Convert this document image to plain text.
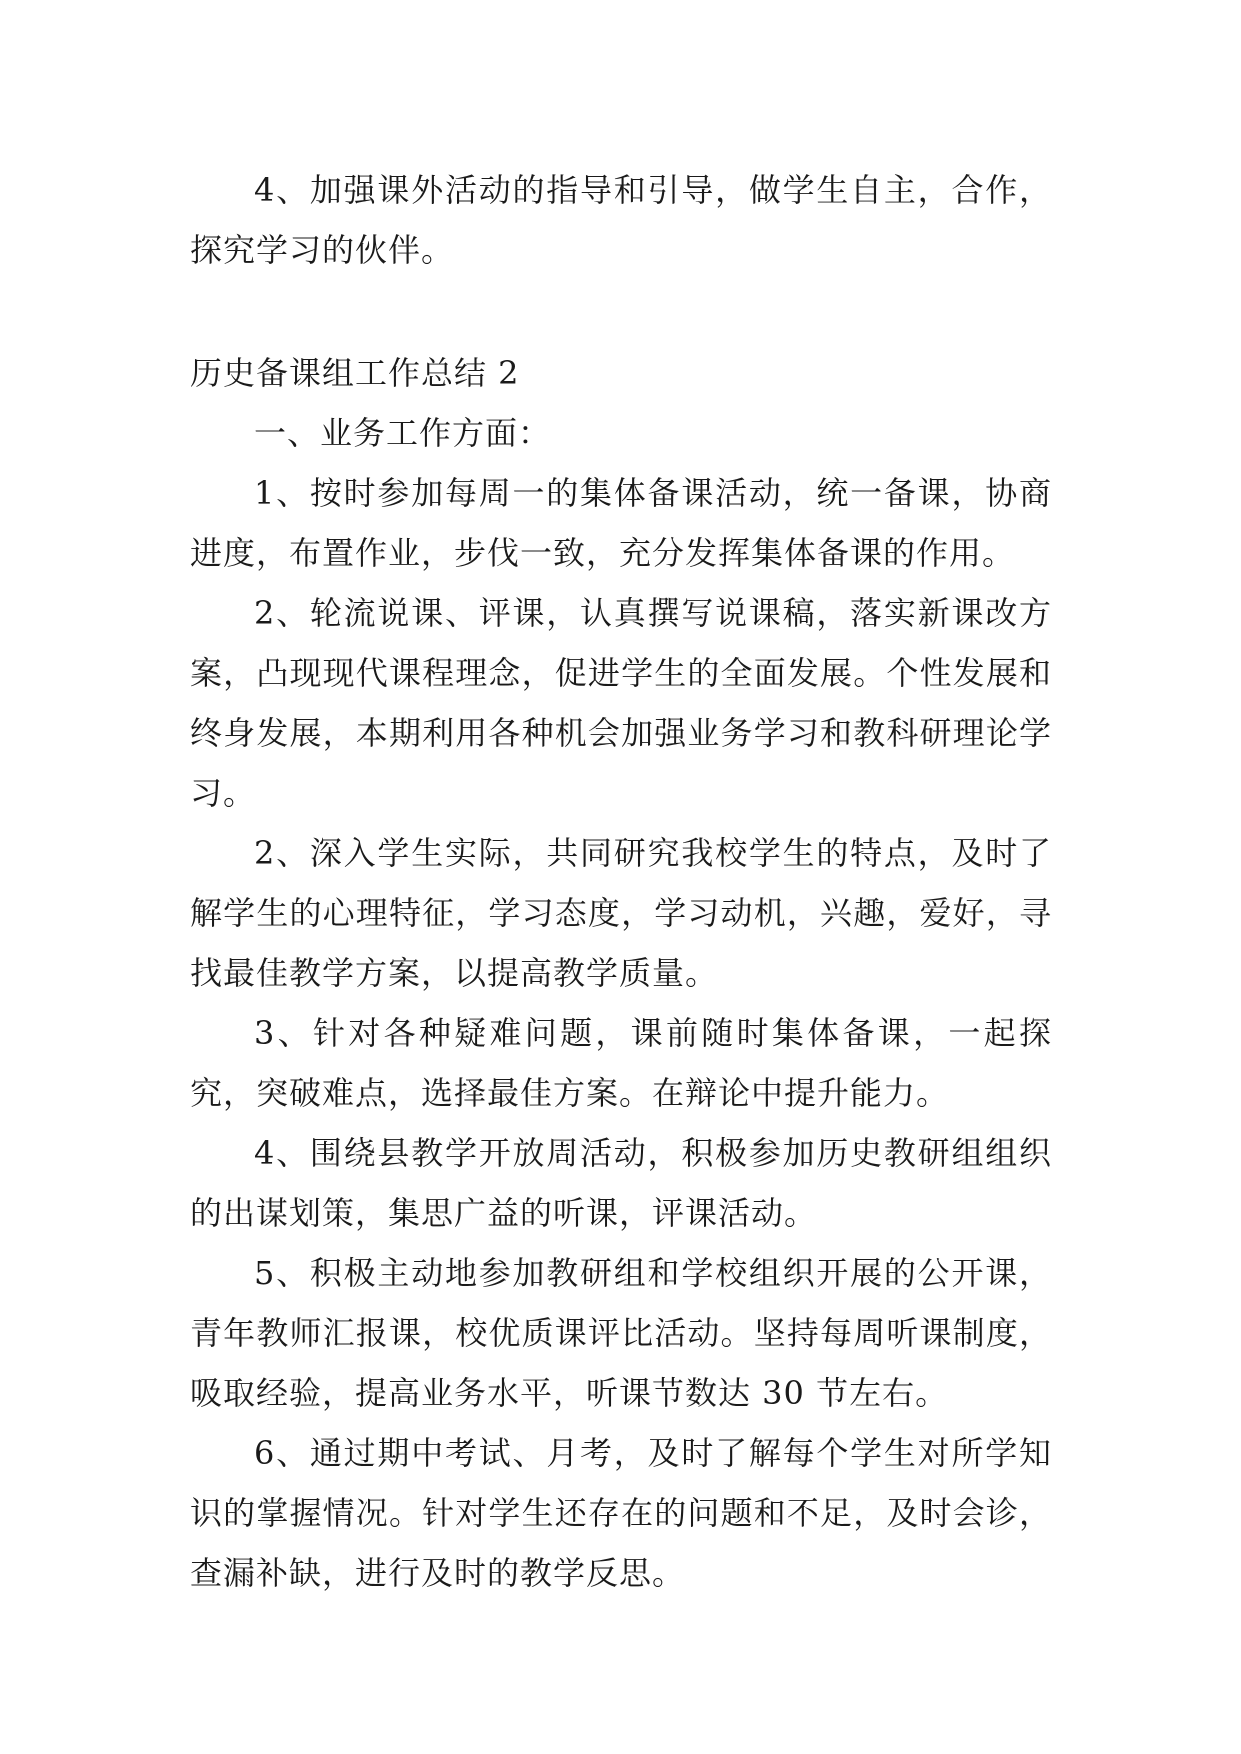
4、加强课外活动的指导和引导，做学生自主，合作，探究学习的伙伴。

历史备课组工作总结 2

一、业务工作方面：

1、按时参加每周一的集体备课活动，统一备课，协商进度，布置作业，步伐一致，充分发挥集体备课的作用。

2、轮流说课、评课，认真撰写说课稿，落实新课改方案，凸现现代课程理念，促进学生的全面发展。个性发展和终身发展，本期利用各种机会加强业务学习和教科研理论学习。

2、深入学生实际，共同研究我校学生的特点，及时了解学生的心理特征，学习态度，学习动机，兴趣，爱好，寻找最佳教学方案，以提高教学质量。

3、针对各种疑难问题，课前随时集体备课，一起探究，突破难点，选择最佳方案。在辩论中提升能力。

4、围绕县教学开放周活动，积极参加历史教研组组织的出谋划策，集思广益的听课，评课活动。

5、积极主动地参加教研组和学校组织开展的公开课，青年教师汇报课，校优质课评比活动。坚持每周听课制度，吸取经验，提高业务水平，听课节数达 30 节左右。

6、通过期中考试、月考，及时了解每个学生对所学知识的掌握情况。针对学生还存在的问题和不足，及时会诊，查漏补缺，进行及时的教学反思。
